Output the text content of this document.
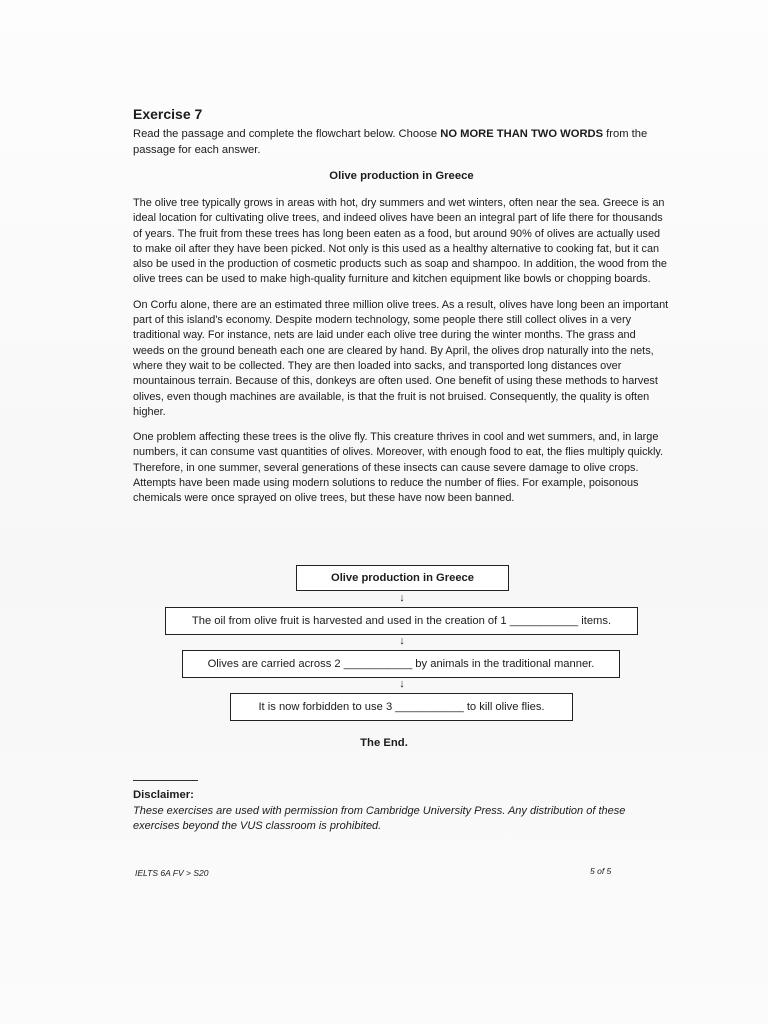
Exercise 7

Read the passage and complete the flowchart below. Choose NO MORE THAN TWO WORDS from the passage for each answer.

Olive production in Greece

The olive tree typically grows in areas with hot, dry summers and wet winters, often near the sea. Greece is an ideal location for cultivating olive trees, and indeed olives have been an integral part of life there for thousands of years. The fruit from these trees has long been eaten as a food, but around 90% of olives are actually used to make oil after they have been picked. Not only is this used as a healthy alternative to cooking fat, but it can also be used in the production of cosmetic products such as soap and shampoo. In addition, the wood from the olive trees can be used to make high-quality furniture and kitchen equipment like bowls or chopping boards.

On Corfu alone, there are an estimated three million olive trees. As a result, olives have long been an important part of this island's economy. Despite modern technology, some people there still collect olives in a very traditional way. For instance, nets are laid under each olive tree during the winter months. The grass and weeds on the ground beneath each one are cleared by hand. By April, the olives drop naturally into the nets, where they wait to be collected. They are then loaded into sacks, and transported long distances over mountainous terrain. Because of this, donkeys are often used. One benefit of using these methods to harvest olives, even though machines are available, is that the fruit is not bruised. Consequently, the quality is often higher.

One problem affecting these trees is the olive fly. This creature thrives in cool and wet summers, and, in large numbers, it can consume vast quantities of olives. Moreover, with enough food to eat, the flies multiply quickly. Therefore, in one summer, several generations of these insects can cause severe damage to olive crops. Attempts have been made using modern solutions to reduce the number of flies. For example, poisonous chemicals were once sprayed on olive trees, but these have now been banned.

Olive production in Greece
↓
The oil from olive fruit is harvested and used in the creation of 1 ___________ items.
↓
Olives are carried across 2 ___________ by animals in the traditional manner.
↓
It is now forbidden to use 3 ___________ to kill olive flies.
The End.
Disclaimer:
These exercises are used with permission from Cambridge University Press. Any distribution of these exercises beyond the VUS classroom is prohibited.
IELTS 6A FV > S20	5 of 5
